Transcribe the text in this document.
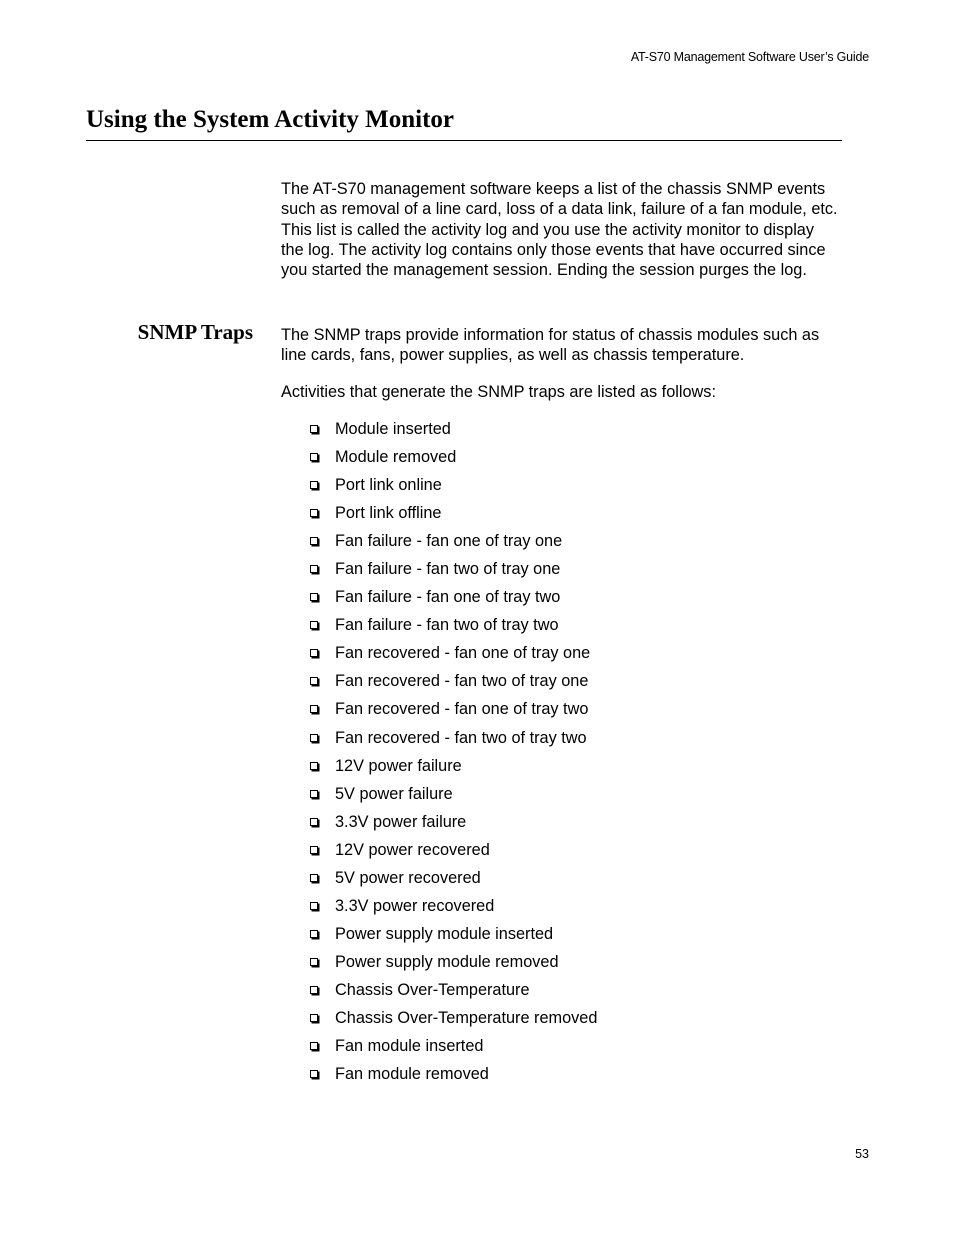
AT-S70 Management Software User’s Guide
Using the System Activity Monitor

The AT-S70 management software keeps a list of the chassis SNMP events such as removal of a line card, loss of a data link, failure of a fan module, etc. This list is called the activity log and you use the activity monitor to display the log. The activity log contains only those events that have occurred since you started the management session. Ending the session purges the log.

SNMP Traps The SNMP traps provide information for status of chassis modules such as line cards, fans, power supplies, as well as chassis temperature.

Activities that generate the SNMP traps are listed as follows:

Module inserted
Module removed
Port link online
Port link offline
Fan failure - fan one of tray one
Fan failure - fan two of tray one
Fan failure - fan one of tray two
Fan failure - fan two of tray two
Fan recovered - fan one of tray one
Fan recovered - fan two of tray one
Fan recovered - fan one of tray two
Fan recovered - fan two of tray two
12V power failure
5V power failure
3.3V power failure
12V power recovered
5V power recovered
3.3V power recovered
Power supply module inserted
Power supply module removed
Chassis Over-Temperature
Chassis Over-Temperature removed
Fan module inserted
Fan module removed
53
